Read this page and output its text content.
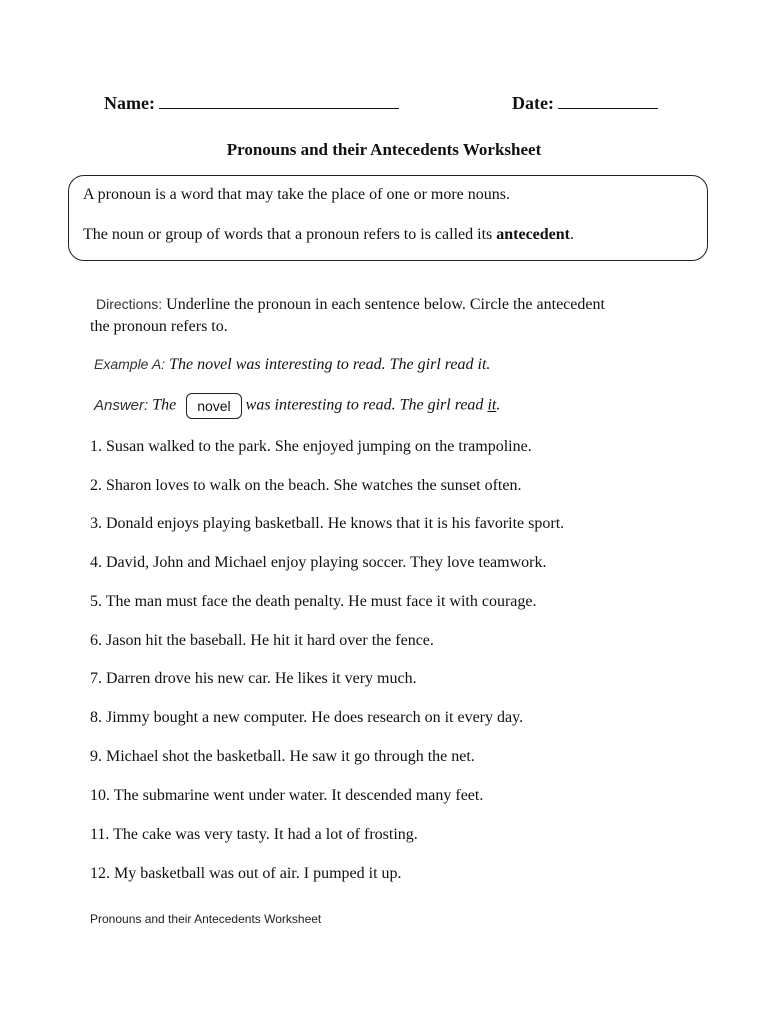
Name:	Date:
Pronouns and their Antecedents Worksheet
A pronoun is a word that may take the place of one or more nouns.
The noun or group of words that a pronoun refers to is called its antecedent.
Directions: Underline the pronoun in each sentence below. Circle the antecedent
the pronoun refers to.
Example A: The novel was interesting to read. The girl read it.
Answer: The novel was interesting to read. The girl read it.
1. Susan walked to the park. She enjoyed jumping on the trampoline.
2. Sharon loves to walk on the beach. She watches the sunset often.
3. Donald enjoys playing basketball. He knows that it is his favorite sport.
4. David, John and Michael enjoy playing soccer. They love teamwork.
5. The man must face the death penalty. He must face it with courage.
6. Jason hit the baseball. He hit it hard over the fence.
7. Darren drove his new car. He likes it very much.
8. Jimmy bought a new computer. He does research on it every day.
9. Michael shot the basketball. He saw it go through the net.
10. The submarine went under water. It descended many feet.
11. The cake was very tasty. It had a lot of frosting.
12. My basketball was out of air. I pumped it up.
Pronouns and their Antecedents Worksheet
